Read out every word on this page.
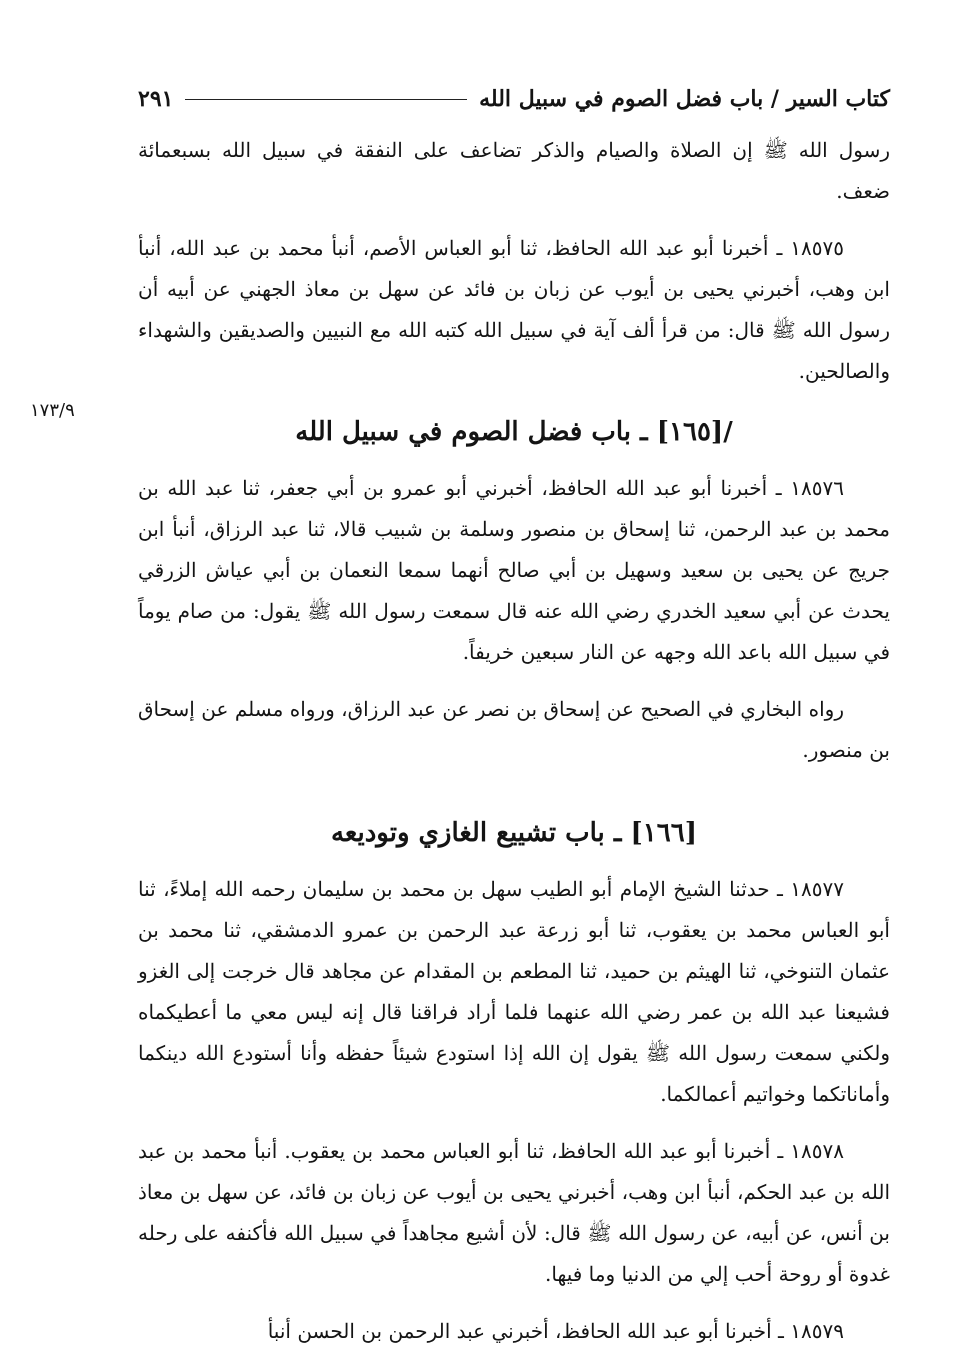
كتاب السير / باب فضل الصوم في سبيل الله
٢٩١
١٧٣/٩

رسول الله ﷺ إن الصلاة والصيام والذكر تضاعف على النفقة في سبيل الله بسبعمائة ضعف.

١٨٥٧٥ ـ أخبرنا أبو عبد الله الحافظ، ثنا أبو العباس الأصم، أنبأ محمد بن عبد الله، أنبأ ابن وهب، أخبرني يحيى بن أيوب عن زبان بن فائد عن سهل بن معاذ الجهني عن أبيه أن رسول الله ﷺ قال: من قرأ ألف آية في سبيل الله كتبه الله مع النبيين والصديقين والشهداء والصالحين.

/[١٦٥] ـ باب فضل الصوم في سبيل الله

١٨٥٧٦ ـ أخبرنا أبو عبد الله الحافظ، أخبرني أبو عمرو بن أبي جعفر، ثنا عبد الله بن محمد بن عبد الرحمن، ثنا إسحاق بن منصور وسلمة بن شبيب قالا، ثنا عبد الرزاق، أنبأ ابن جريج عن يحيى بن سعيد وسهيل بن أبي صالح أنهما سمعا النعمان بن أبي عياش الزرقي يحدث عن أبي سعيد الخدري رضي الله عنه قال سمعت رسول الله ﷺ يقول: من صام يوماً في سبيل الله باعد الله وجهه عن النار سبعين خريفاً.

رواه البخاري في الصحيح عن إسحاق بن نصر عن عبد الرزاق، ورواه مسلم عن إسحاق بن منصور.

[١٦٦] ـ باب تشييع الغازي وتوديعه

١٨٥٧٧ ـ حدثنا الشيخ الإمام أبو الطيب سهل بن محمد بن سليمان رحمه الله إملاءً، ثنا أبو العباس محمد بن يعقوب، ثنا أبو زرعة عبد الرحمن بن عمرو الدمشقي، ثنا محمد بن عثمان التنوخي، ثنا الهيثم بن حميد، ثنا المطعم بن المقدام عن مجاهد قال خرجت إلى الغزو فشيعنا عبد الله بن عمر رضي الله عنهما فلما أراد فراقنا قال إنه ليس معي ما أعطيكماه ولكني سمعت رسول الله ﷺ يقول إن الله إذا استودع شيئاً حفظه وأنا أستودع الله دينكما وأماناتكما وخواتيم أعمالكما.

١٨٥٧٨ ـ أخبرنا أبو عبد الله الحافظ، ثنا أبو العباس محمد بن يعقوب. أنبأ محمد بن عبد الله بن عبد الحكم، أنبأ ابن وهب، أخبرني يحيى بن أيوب عن زبان بن فائد، عن سهل بن معاذ بن أنس، عن أبيه، عن رسول الله ﷺ قال: لأن أشيع مجاهداً في سبيل الله فأكنفه على رحله غدوة أو روحة أحب إلي من الدنيا وما فيها.

١٨٥٧٩ ـ أخبرنا أبو عبد الله الحافظ، أخبرني عبد الرحمن بن الحسن أنبأ
